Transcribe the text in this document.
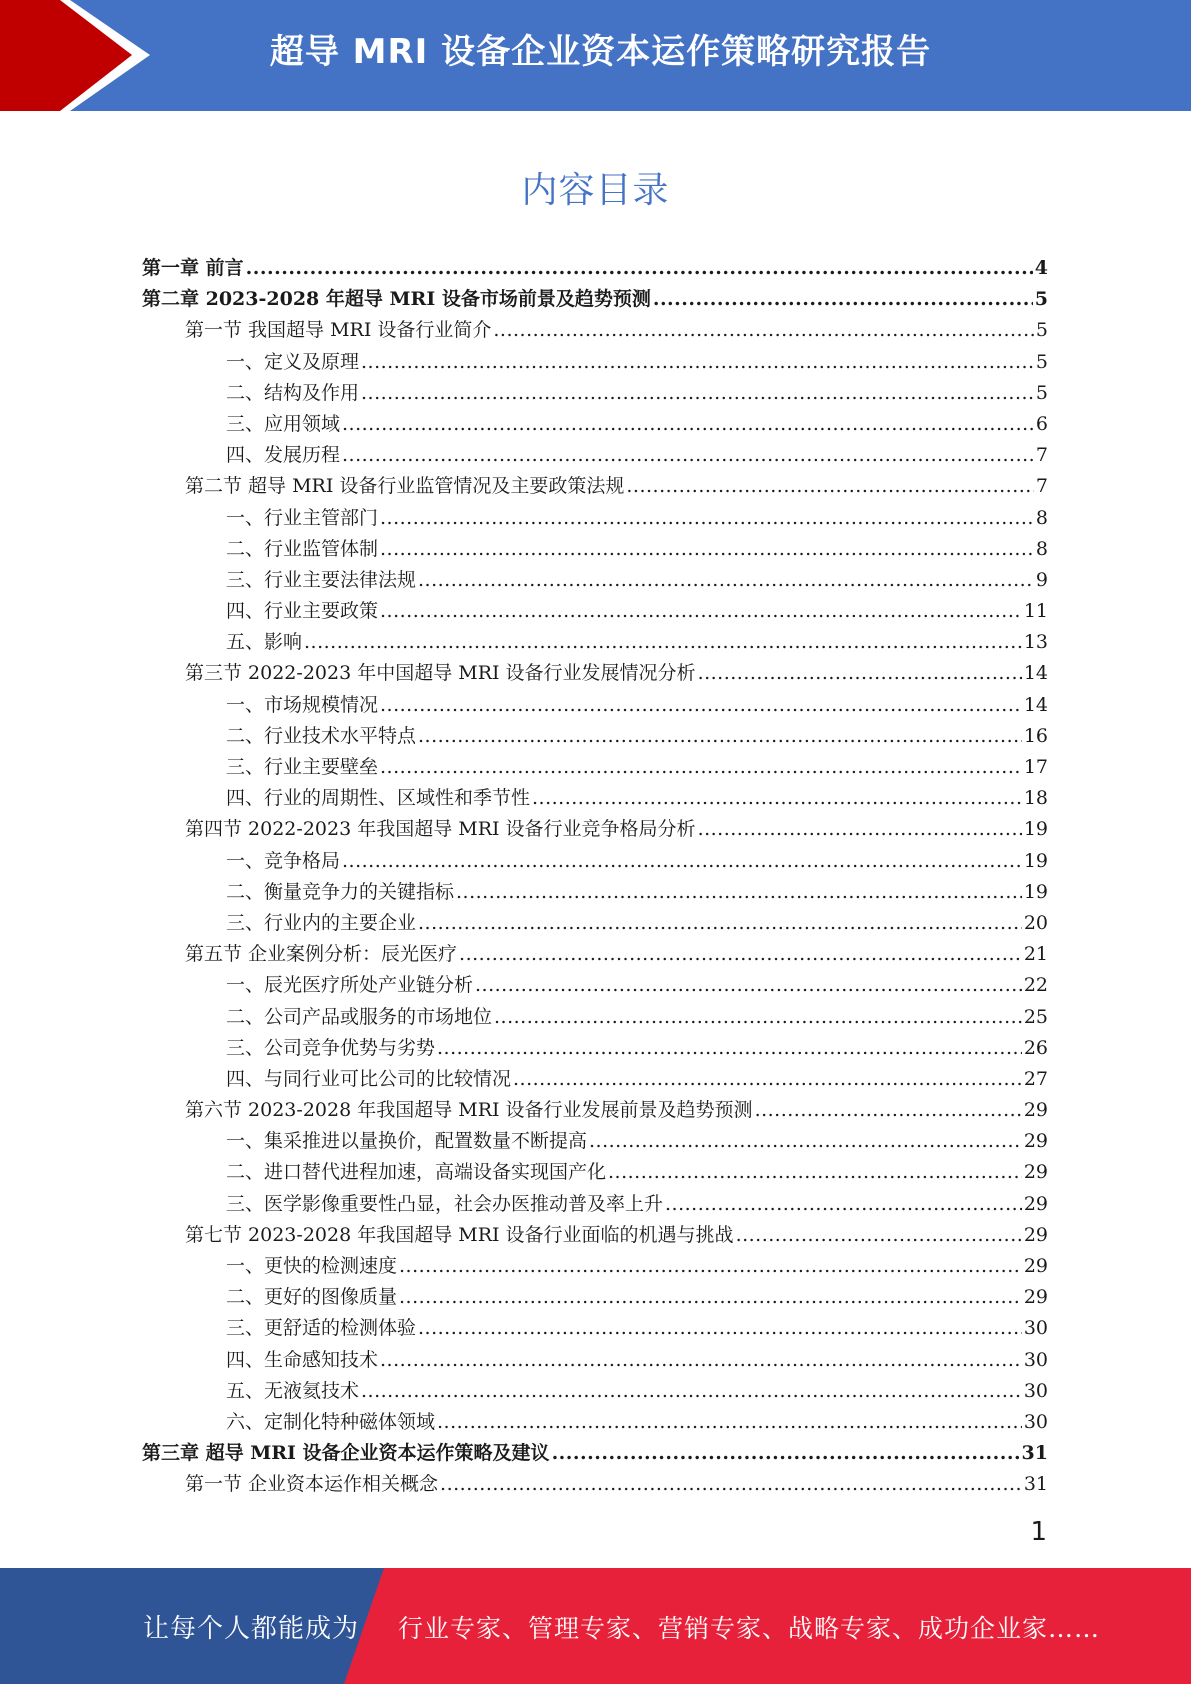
超导 MRI 设备企业资本运作策略研究报告
内容目录
第一章 前言 .....	4
第二章 2023-2028 年超导 MRI 设备市场前景及趋势预测 .....	5
第一节 我国超导 MRI 设备行业简介 .....	5
一、定义及原理 .....	5
二、结构及作用 .....	5
三、应用领域 .....	6
四、发展历程 .....	7
第二节 超导 MRI 设备行业监管情况及主要政策法规 .....	7
一、行业主管部门 .....	8
二、行业监管体制 .....	8
三、行业主要法律法规 .....	9
四、行业主要政策 .....	11
五、影响 .....	13
第三节 2022-2023 年中国超导 MRI 设备行业发展情况分析 .....	14
一、市场规模情况 .....	14
二、行业技术水平特点 .....	16
三、行业主要壁垒 .....	17
四、行业的周期性、区域性和季节性 .....	18
第四节 2022-2023 年我国超导 MRI 设备行业竞争格局分析 .....	19
一、竞争格局 .....	19
二、衡量竞争力的关键指标 .....	19
三、行业内的主要企业 .....	20
第五节 企业案例分析：辰光医疗 .....	21
一、辰光医疗所处产业链分析 .....	22
二、公司产品或服务的市场地位 .....	25
三、公司竞争优势与劣势 .....	26
四、与同行业可比公司的比较情况 .....	27
第六节 2023-2028 年我国超导 MRI 设备行业发展前景及趋势预测 .....	29
一、集采推进以量换价，配置数量不断提高 .....	29
二、进口替代进程加速，高端设备实现国产化 .....	29
三、医学影像重要性凸显，社会办医推动普及率上升 .....	29
第七节 2023-2028 年我国超导 MRI 设备行业面临的机遇与挑战 .....	29
一、更快的检测速度 .....	29
二、更好的图像质量 .....	29
三、更舒适的检测体验 .....	30
四、生命感知技术 .....	30
五、无液氦技术 .....	30
六、定制化特种磁体领域 .....	30
第三章 超导 MRI 设备企业资本运作策略及建议 .....	31
第一节 企业资本运作相关概念 .....	31
1
让每个人都能成为 行业专家、管理专家、营销专家、战略专家、成功企业家……
